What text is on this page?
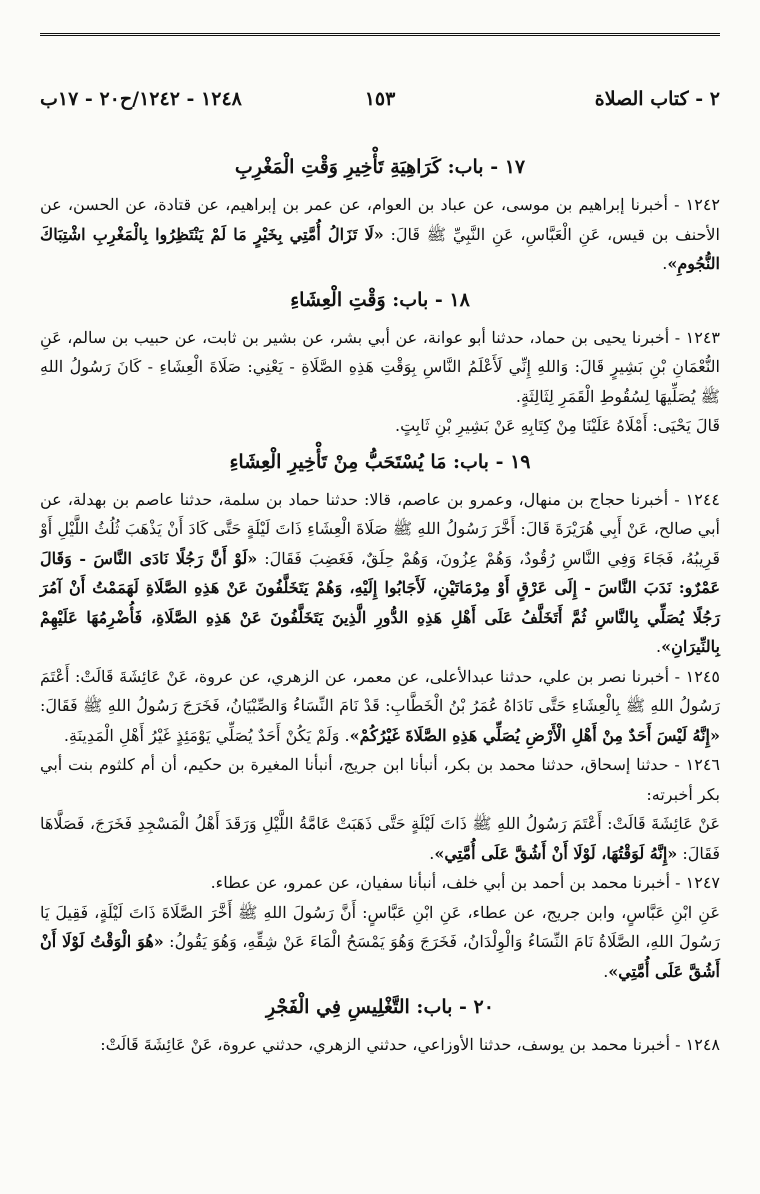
١٢٤٨ - ١٢٤٢/ح٢٠ - ١٧ب	١٥٣	٢ - كتاب الصلاة
١٧ - باب: كَرَاهِيَةِ تَأْخِيرِ وَقْتِ الْمَغْرِبِ

١٢٤٢ - أخبرنا إبراهيم بن موسى، عن عباد بن العوام، عن عمر بن إبراهيم، عن قتادة، عن الحسن، عن الأحنف بن قيس، عَنِ الْعَبَّاسِ، عَنِ النَّبِيِّ ﷺ قَالَ: «لَا تَزَالُ أُمَّتِي بِخَيْرٍ مَا لَمْ يَنْتَظِرُوا بِالْمَغْرِبِ اشْتِبَاكَ النُّجُومِ».

١٨ - باب: وَقْتِ الْعِشَاءِ

١٢٤٣ - أخبرنا يحيى بن حماد، حدثنا أبو عوانة، عن أبي بشر، عن بشير بن ثابت، عن حبيب بن سالم، عَنِ النُّعْمَانِ بْنِ بَشِيرٍ قَالَ: وَاللهِ إِنِّي لَأَعْلَمُ النَّاسِ بِوَقْتِ هَذِهِ الصَّلَاةِ - يَعْنِي: صَلَاةَ الْعِشَاءِ - كَانَ رَسُولُ اللهِ ﷺ يُصَلِّيهَا لِسُقُوطِ الْقَمَرِ لِثَالِثَةٍ.

قَالَ يَحْيَى: أَمْلَاهُ عَلَيْنَا مِنْ كِتَابِهِ عَنْ بَشِيرِ بْنِ ثَابِتٍ.

١٩ - باب: مَا يُسْتَحَبُّ مِنْ تَأْخِيرِ الْعِشَاءِ

١٢٤٤ - أخبرنا حجاج بن منهال، وعمرو بن عاصم، قالا: حدثنا حماد بن سلمة، حدثنا عاصم بن بهدلة، عن أبي صالح، عَنْ أَبِي هُرَيْرَةَ قَالَ: أَخَّرَ رَسُولُ اللهِ ﷺ صَلَاةَ الْعِشَاءِ ذَاتَ لَيْلَةٍ حَتَّى كَادَ أَنْ يَذْهَبَ ثُلُثُ اللَّيْلِ أَوْ قَرِيبُهُ، فَجَاءَ وَفِي النَّاسِ رُقُودٌ، وَهُمْ عِزُونَ، وَهُمْ حِلَقٌ، فَغَضِبَ فَقَالَ: «لَوْ أَنَّ رَجُلًا نَادَى النَّاسَ - وَقَالَ عَمْرٌو: نَدَبَ النَّاسَ - إِلَى عَرْقٍ أَوْ مِرْمَاتَيْنِ، لَأَجَابُوا إِلَيْهِ، وَهُمْ يَتَخَلَّفُونَ عَنْ هَذِهِ الصَّلَاةِ لَهَمَمْتُ أَنْ آمُرَ رَجُلًا يُصَلِّي بِالنَّاسِ ثُمَّ أَتَخَلَّفُ عَلَى أَهْلِ هَذِهِ الدُّورِ الَّذِينَ يَتَخَلَّفُونَ عَنْ هَذِهِ الصَّلَاةِ، فَأُضْرِمُهَا عَلَيْهِمْ بِالنِّيرَانِ».

١٢٤٥ - أخبرنا نصر بن علي، حدثنا عبدالأعلى، عن معمر، عن الزهري، عن عروة، عَنْ عَائِشَةَ قَالَتْ: أَعْتَمَ رَسُولُ اللهِ ﷺ بِالْعِشَاءِ حَتَّى نَادَاهُ عُمَرُ بْنُ الْخَطَّابِ: قَدْ نَامَ النِّسَاءُ وَالصِّبْيَانُ، فَخَرَجَ رَسُولُ اللهِ ﷺ فَقَالَ: «إِنَّهُ لَيْسَ أَحَدٌ مِنْ أَهْلِ الْأَرْضِ يُصَلِّي هَذِهِ الصَّلَاةَ غَيْرُكُمْ». وَلَمْ يَكُنْ أَحَدٌ يُصَلِّي يَوْمَئِذٍ غَيْرُ أَهْلِ الْمَدِينَةِ.

١٢٤٦ - حدثنا إسحاق، حدثنا محمد بن بكر، أنبأنا ابن جريج، أنبأنا المغيرة بن حكيم، أن أم كلثوم بنت أبي بكر أخبرته:

عَنْ عَائِشَةَ قَالَتْ: أَعْتَمَ رَسُولُ اللهِ ﷺ ذَاتَ لَيْلَةٍ حَتَّى ذَهَبَتْ عَامَّةُ اللَّيْلِ وَرَقَدَ أَهْلُ الْمَسْجِدِ فَخَرَجَ، فَصَلَّاهَا فَقَالَ: «إِنَّهُ لَوَقْتُهَا، لَوْلَا أَنْ أَشُقَّ عَلَى أُمَّتِي».

١٢٤٧ - أخبرنا محمد بن أحمد بن أبي خلف، أنبأنا سفيان، عن عمرو، عن عطاء.

عَنِ ابْنِ عَبَّاسٍ، وابن جريج، عن عطاء، عَنِ ابْنِ عَبَّاسٍ: أَنَّ رَسُولَ اللهِ ﷺ أَخَّرَ الصَّلَاةَ ذَاتَ لَيْلَةٍ، فَقِيلَ يَا رَسُولَ اللهِ، الصَّلَاةُ نَامَ النِّسَاءُ وَالْوِلْدَانُ، فَخَرَجَ وَهُوَ يَمْسَحُ الْمَاءَ عَنْ شِقِّهِ، وَهُوَ يَقُولُ: «هُوَ الْوَقْتُ لَوْلَا أَنْ أَشُقَّ عَلَى أُمَّتِي».

٢٠ - باب: التَّغْلِيسِ فِي الْفَجْرِ

١٢٤٨ - أخبرنا محمد بن يوسف، حدثنا الأوزاعي، حدثني الزهري، حدثني عروة، عَنْ عَائِشَةَ قَالَتْ:
